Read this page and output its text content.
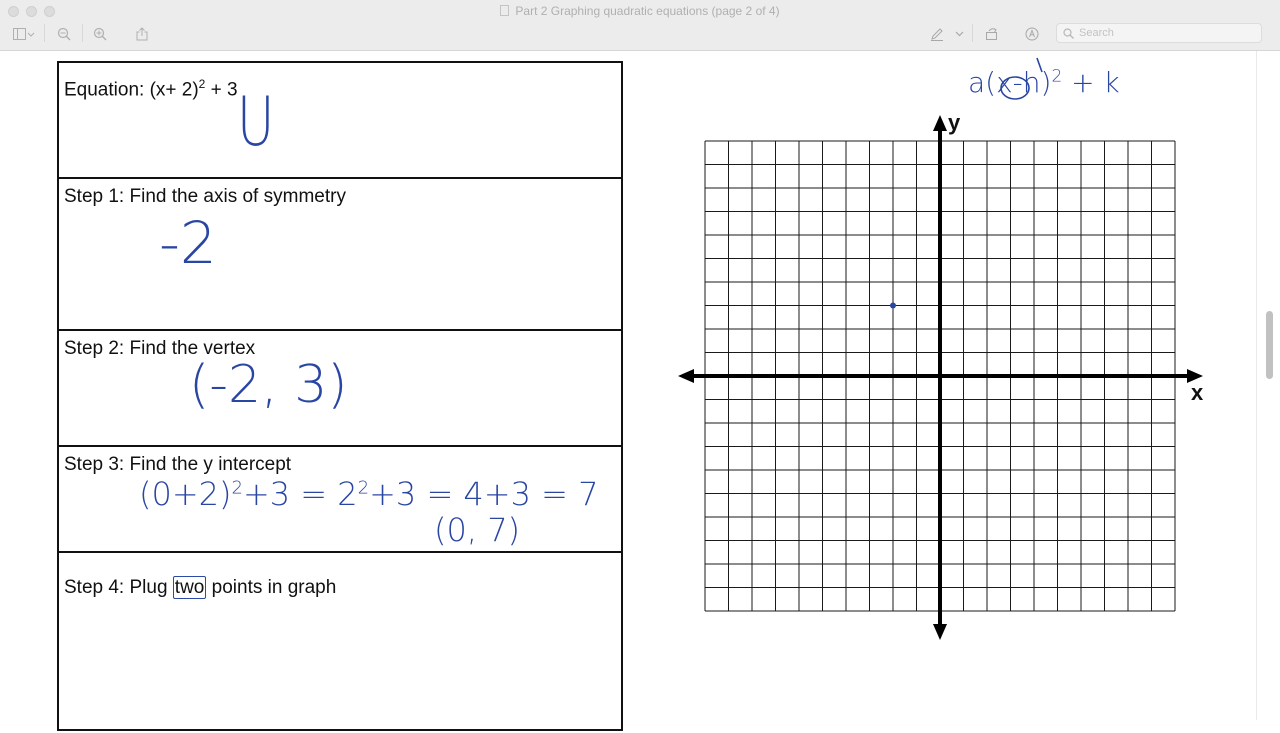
Part 2 Graphing quadratic equations (page 2 of 4)
Search
Equation: $(x+ 2)^2 + 3$ U
Step 1: Find the axis of symmetry
-2
Step 2: Find the vertex
(-2, 3)
Step 3: Find the y intercept
$(0+2)^2+3 = 2^2+3 = 4+3 = 7$
(0, 7)
Step 4: Plug two points in graph
$a(x-h)^2 + k$
y
x
